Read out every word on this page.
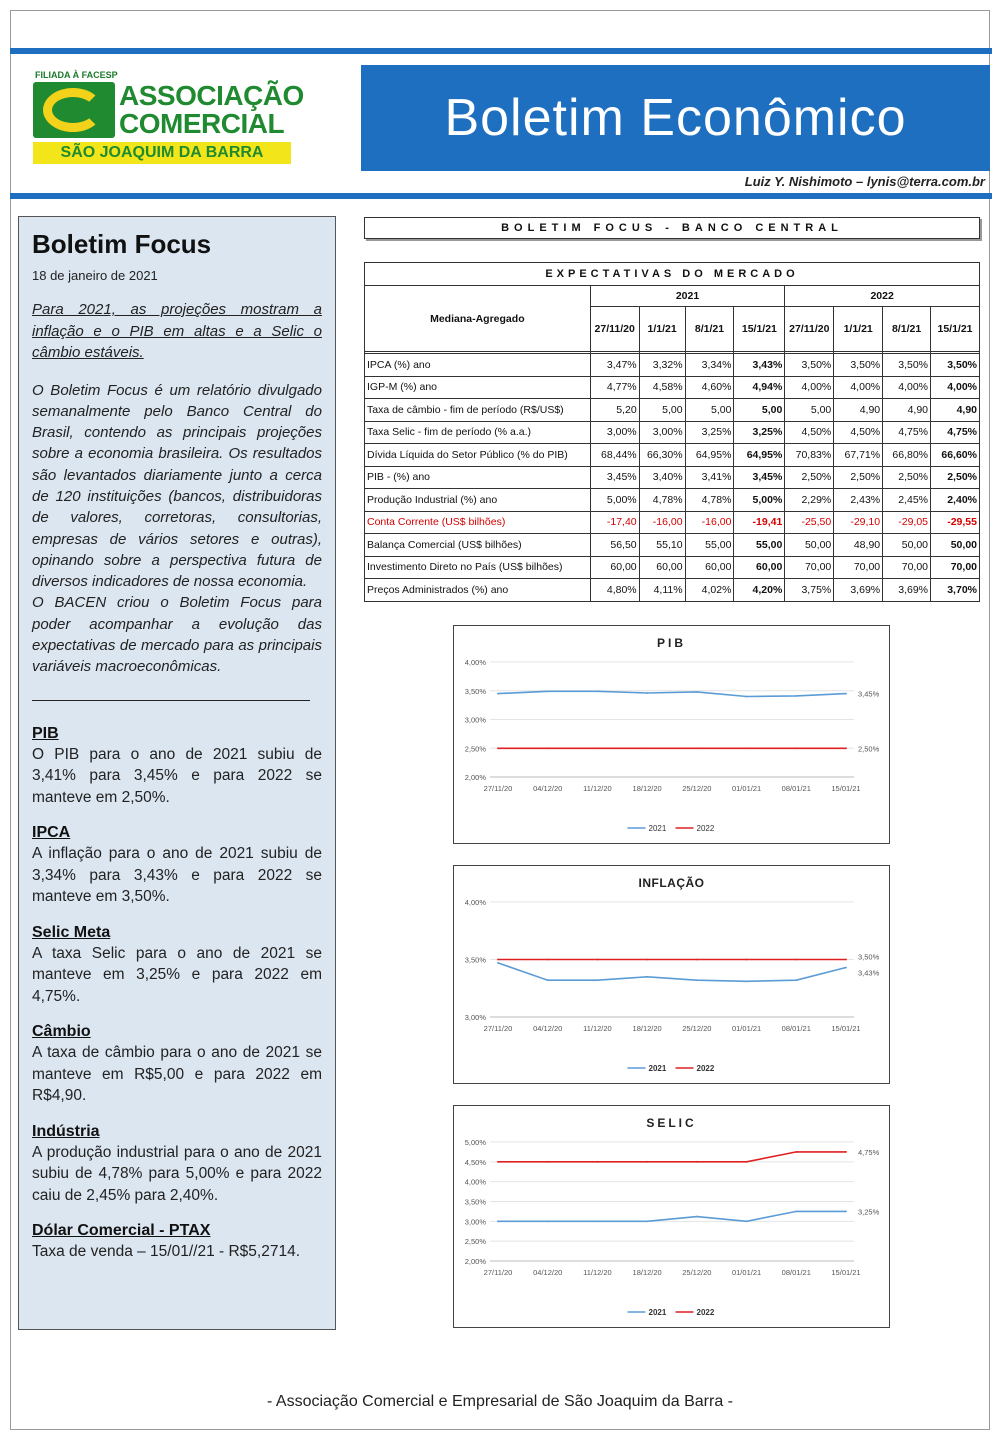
FILIADA À FACESP
ASSOCIAÇÃO
COMERCIAL
SÃO JOAQUIM DA BARRA
Boletim Econômico
Luiz Y. Nishimoto – lynis@terra.com.br
Boletim Focus
18 de janeiro de 2021

Para 2021, as projeções mostram a inflação e o PIB em altas e a Selic o câmbio estáveis.

O Boletim Focus é um relatório divulgado semanalmente pelo Banco Central do Brasil, contendo as principais projeções sobre a economia brasileira. Os resultados são levantados diariamente junto a cerca de 120 instituições (bancos, distribuidoras de valores, corretoras, consultorias, empresas de vários setores e outras), opinando sobre a perspectiva futura de diversos indicadores de nossa economia.

O BACEN criou o Boletim Focus para poder acompanhar a evolução das expectativas de mercado para as principais variáveis macroeconômicas.

PIB

O PIB para o ano de 2021 subiu de 3,41% para 3,45% e para 2022 se manteve em 2,50%.

IPCA

A inflação para o ano de 2021 subiu de 3,34% para 3,43% e para 2022 se manteve em 3,50%.

Selic Meta

A taxa Selic para o ano de 2021 se manteve em 3,25% e para 2022 em 4,75%.

Câmbio

A taxa de câmbio para o ano de 2021 se manteve em R$5,00 e para 2022 em R$4,90.

Indústria

A produção industrial para o ano de 2021 subiu de 4,78% para 5,00% e para 2022 caiu de 2,45% para 2,40%.

Dólar Comercial - PTAX

Taxa de venda – 15/01//21 - R$5,2714.

BOLETIM FOCUS - BANCO CENTRAL
EXPECTATIVAS DO MERCADO								
Mediana-Agregado	2021				2022			
	27/11/20	1/1/21	8/1/21	15/1/21	27/11/20	1/1/21	8/1/21	15/1/21

IPCA (%) ano	3,47%	3,32%	3,34%	3,43%	3,50%	3,50%	3,50%	3,50%
IGP-M (%) ano	4,77%	4,58%	4,60%	4,94%	4,00%	4,00%	4,00%	4,00%
Taxa de câmbio - fim de período (R$/US$)	5,20	5,00	5,00	5,00	5,00	4,90	4,90	4,90
Taxa Selic - fim de período (% a.a.)	3,00%	3,00%	3,25%	3,25%	4,50%	4,50%	4,75%	4,75%
Dívida Líquida do Setor Público (% do PIB)	68,44%	66,30%	64,95%	64,95%	70,83%	67,71%	66,80%	66,60%
PIB - (%) ano	3,45%	3,40%	3,41%	3,45%	2,50%	2,50%	2,50%	2,50%
Produção Industrial (%) ano	5,00%	4,78%	4,78%	5,00%	2,29%	2,43%	2,45%	2,40%
Conta Corrente (US$ bilhões)	-17,40	-16,00	-16,00	-19,41	-25,50	-29,10	-29,05	-29,55
Balança Comercial (US$ bilhões)	56,50	55,10	55,00	55,00	50,00	48,90	50,00	50,00
Investimento Direto no País (US$ bilhões)	60,00	60,00	60,00	60,00	70,00	70,00	70,00	70,00
Preços Administrados (%) ano	4,80%	4,11%	4,02%	4,20%	3,75%	3,69%	3,69%	3,70%
PIB
2,00%
2,50%
3,00%
3,50%
4,00%
27/11/20	04/12/20	11/12/20	18/12/20	25/12/20	01/01/21	08/01/21	15/01/21
3,45%
2,50%
2021	2022
INFLAÇÃO
3,00%
3,50%
4,00%
27/11/20	04/12/20	11/12/20	18/12/20	25/12/20	01/01/21	08/01/21	15/01/21
3,43%
3,50%
2021	2022
SELIC
2,00%
2,50%
3,00%
3,50%
4,00%
4,50%
5,00%
27/11/20	04/12/20	11/12/20	18/12/20	25/12/20	01/01/21	08/01/21	15/01/21
3,25%
4,75%
2021	2022
- Associação Comercial e Empresarial de São Joaquim da Barra -
